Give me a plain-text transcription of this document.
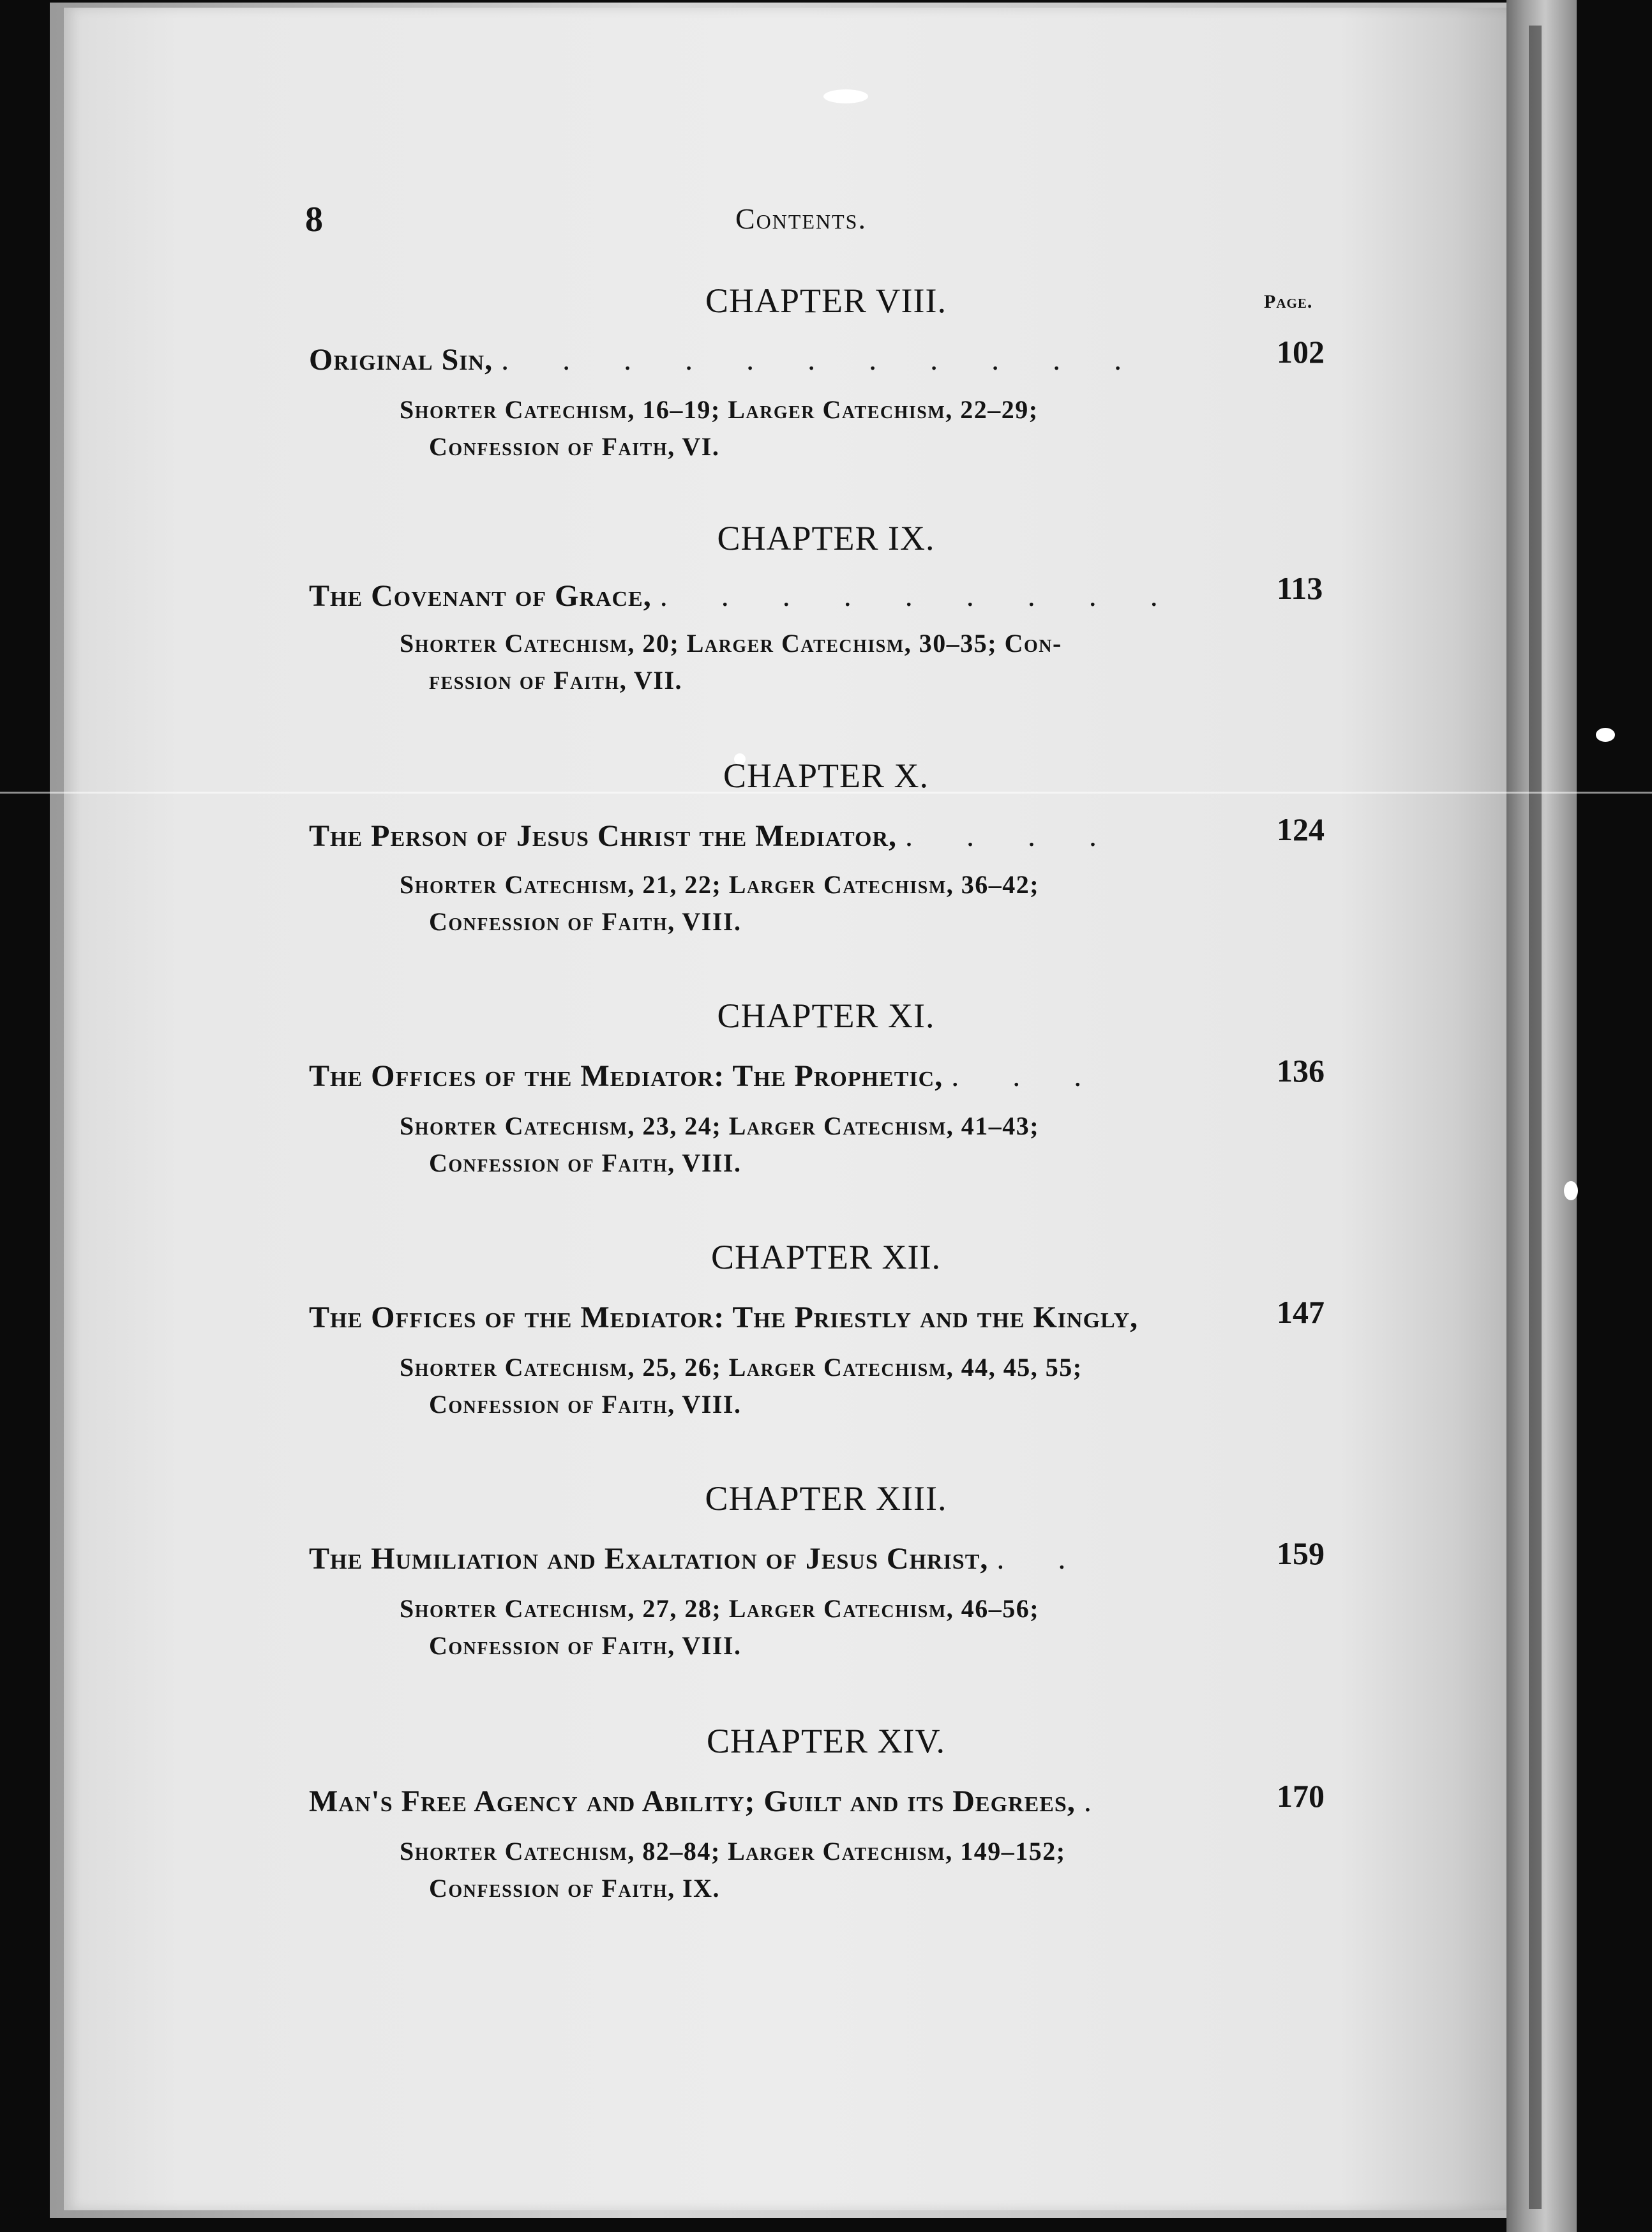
8	Contents.
Page.
CHAPTER VIII.
Original Sin, . . . . . . . . . . .	102
Shorter Catechism, 16–19; Larger Catechism, 22–29;
Confession of Faith, VI.
CHAPTER IX.
The Covenant of Grace, . . . . . . . . .	113
Shorter Catechism, 20; Larger Catechism, 30–35; Con-
fession of Faith, VII.
CHAPTER X.
The Person of Jesus Christ the Mediator, . . . .	124
Shorter Catechism, 21, 22; Larger Catechism, 36–42;
Confession of Faith, VIII.
CHAPTER XI.
The Offices of the Mediator: The Prophetic, . . .	136
Shorter Catechism, 23, 24; Larger Catechism, 41–43;
Confession of Faith, VIII.
CHAPTER XII.
The Offices of the Mediator: The Priestly and the Kingly,	147
Shorter Catechism, 25, 26; Larger Catechism, 44, 45, 55;
Confession of Faith, VIII.
CHAPTER XIII.
The Humiliation and Exaltation of Jesus Christ, . .	159
Shorter Catechism, 27, 28; Larger Catechism, 46–56;
Confession of Faith, VIII.
CHAPTER XIV.
Man's Free Agency and Ability; Guilt and its Degrees, .	170
Shorter Catechism, 82–84; Larger Catechism, 149–152;
Confession of Faith, IX.
